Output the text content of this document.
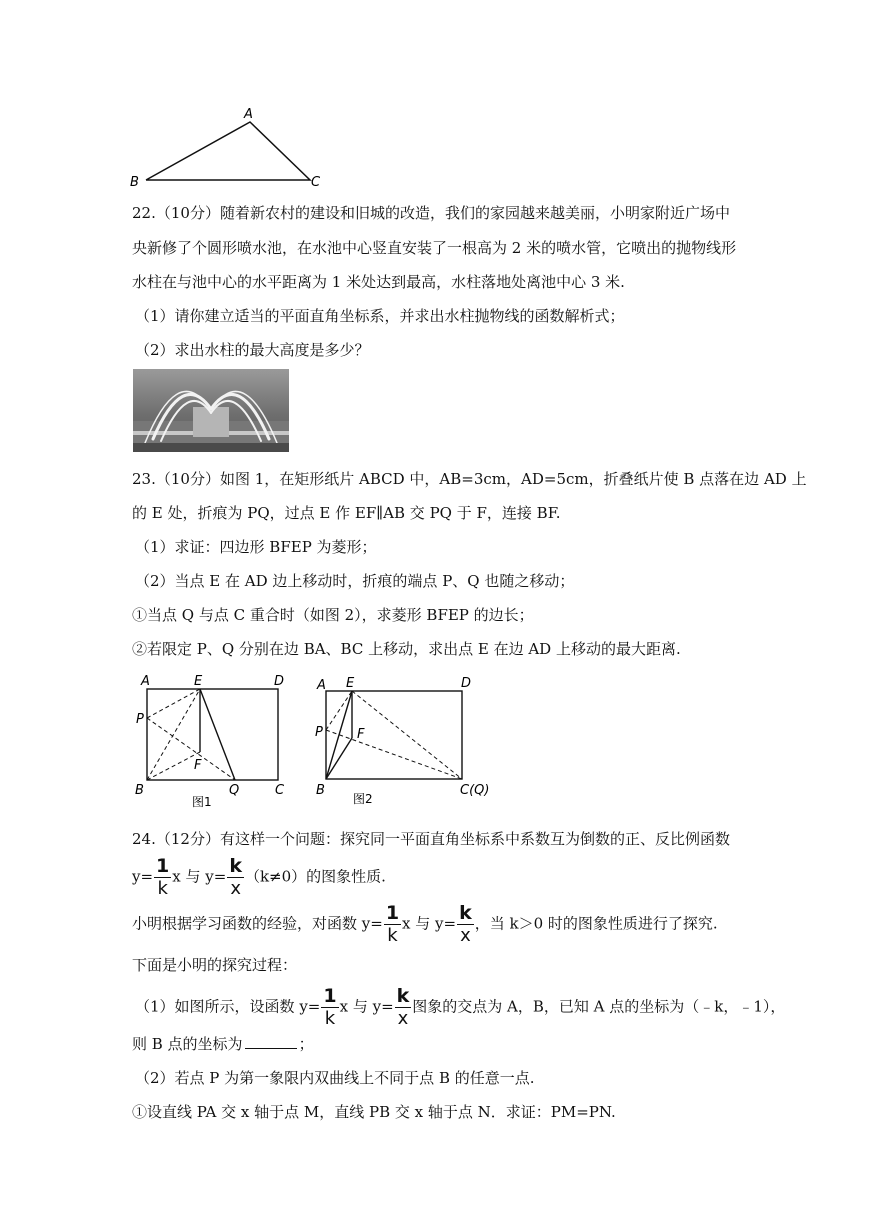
A
B	C
22.（10分）随着新农村的建设和旧城的改造，我们的家园越来越美丽，小明家附近广场中
央新修了个圆形喷水池，在水池中心竖直安装了一根高为 2 米的喷水管，它喷出的抛物线形
水柱在与池中心的水平距离为 1 米处达到最高，水柱落地处离池中心 3 米.
（1）请你建立适当的平面直角坐标系，并求出水柱抛物线的函数解析式；
（2）求出水柱的最大高度是多少？
23.（10分）如图 1，在矩形纸片 ABCD 中，AB=3cm，AD=5cm，折叠纸片使 B 点落在边 AD 上
的 E 处，折痕为 PQ，过点 E 作 EF∥AB 交 PQ 于 F，连接 BF.
（1）求证：四边形 BFEP 为菱形；
（2）当点 E 在 AD 边上移动时，折痕的端点 P、Q 也随之移动；
①当点 Q 与点 C 重合时（如图 2），求菱形 BFEP 的边长；
②若限定 P、Q 分别在边 BA、BC 上移动，求出点 E 在边 AD 上移动的最大距离.
A	E	D
P
F
B	Q	C
图1
A E	D
P	F
B	C(Q)
图2
24.（12分）有这样一个问题：探究同一平面直角坐标系中系数互为倒数的正、反比例函数
$y= \frac{1}{k}$ x 与 $y= \frac{k}{x} (k\ne 0)$的图象性质.
小明根据学习函数的经验，对函数 $y= \frac{1}{k}$ x 与 $y= \frac{k}{x}$ ，当 k＞0 时的图象性质进行了探究.
下面是小明的探究过程：
（1）如图所示，设函数 $y= \frac{1}{k}$ x 与 $y= \frac{k}{x}$ 图象的交点为 A，B，已知 A 点的坐标为（﹣k，﹣1），
则 B 点的坐标为	；
（2）若点 P 为第一象限内双曲线上不同于点 B 的任意一点.
①设直线 PA 交 x 轴于点 M，直线 PB 交 x 轴于点 N．求证：PM=PN.
